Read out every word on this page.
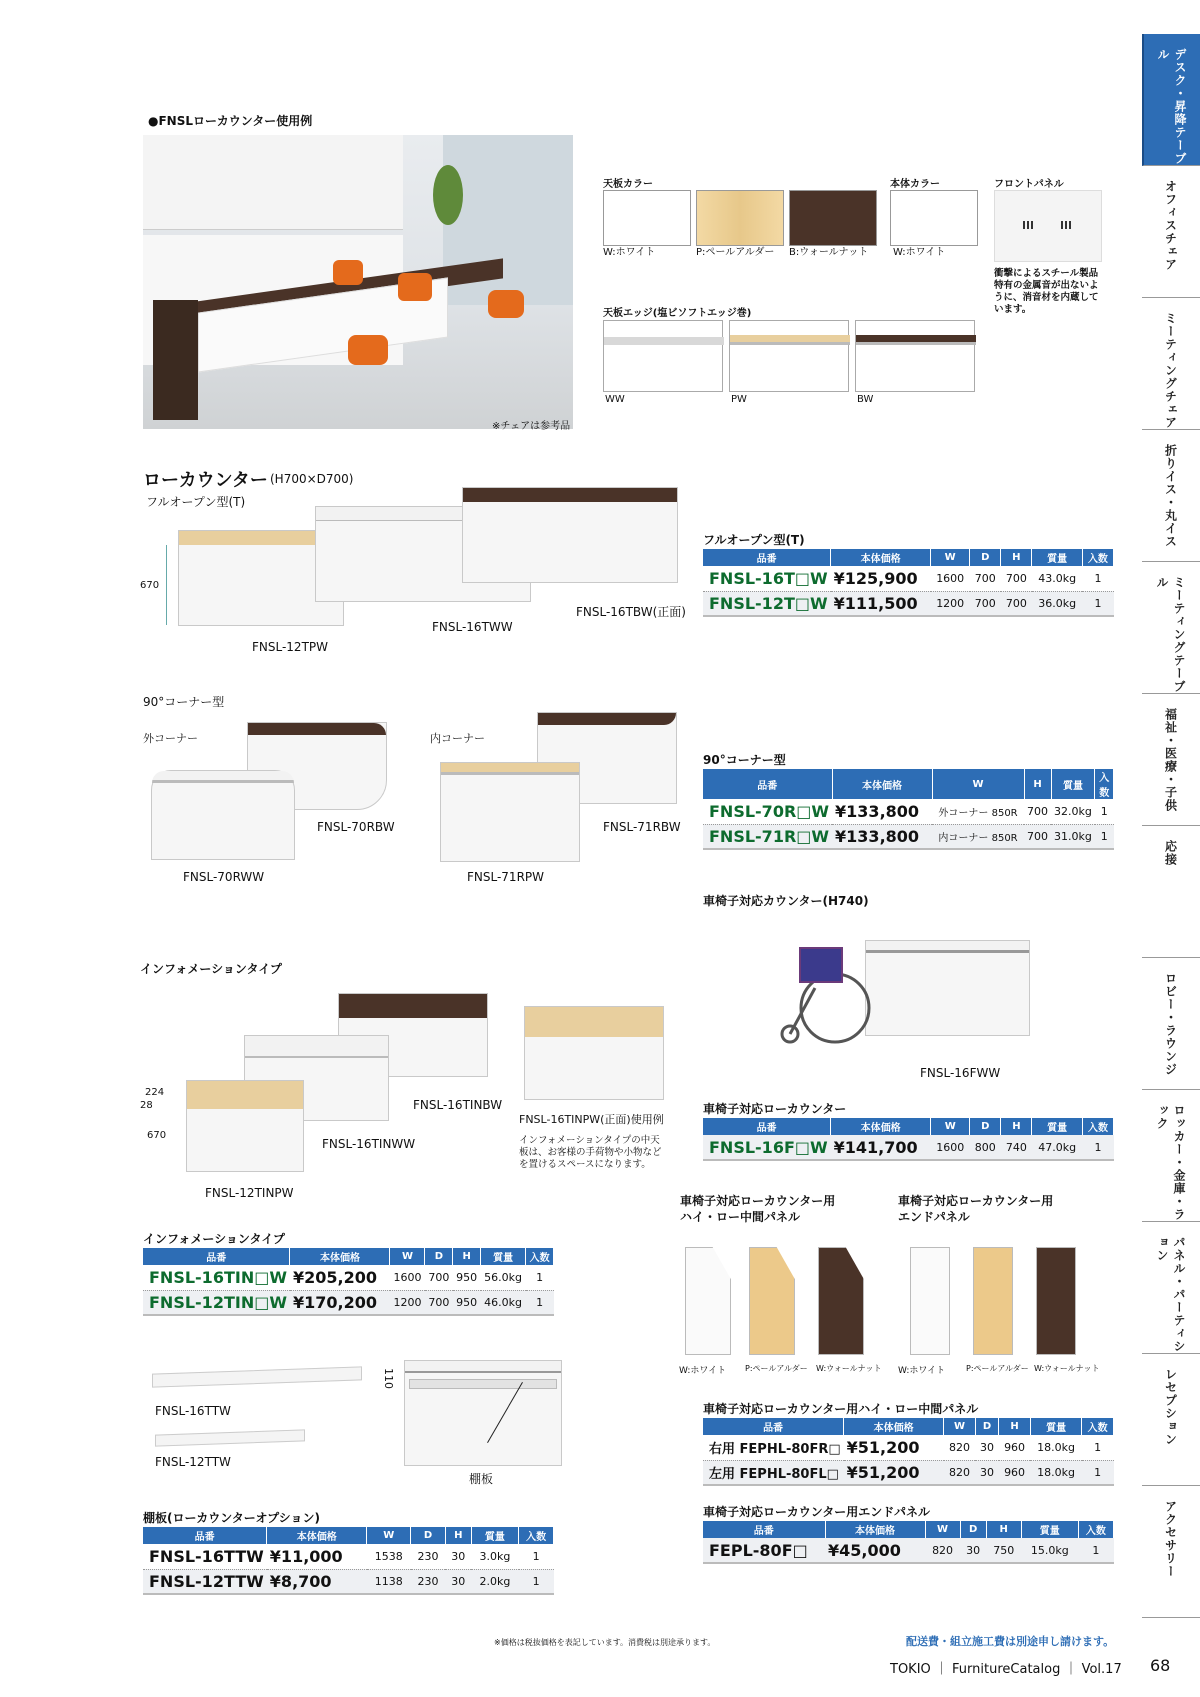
デスク・昇降テーブル
オフィスチェア
ミーティングチェア
折りイス・丸イス
ミーティングテーブル
福祉・医療・子供
応接
ロビー・ラウンジ
ロッカー・金庫・ラック
パネル・パーティション
レセプション
アクセサリー
●FNSLローカウンター使用例
※チェアは参考品
天板カラー
W:ホワイト	P:ペールアルダー B:ウォールナット
本体カラー
W:ホワイト
フロントパネル
衝撃によるスチール製品特有の金属音が出ないように、消音材を内蔵しています。
天板エッジ(塩ビソフトエッジ巻)
WW	PW	BW
ローカウンター (H700×D700)
フルオープン型(T)
670
FNSL-12TPW
FNSL-16TWW
FNSL-16TBW(正面)
フルオープン型(T)
品番	本体価格	W	D	H	質量	入数
FNSL-16T□W	¥125,900	1600	700	700	43.0kg	1
FNSL-12T□W	¥111,500	1200	700	700	36.0kg	1
90°コーナー型
外コーナー	内コーナー
FNSL-70RBW
FNSL-70RWW
FNSL-71RBW
FNSL-71RPW
90°コーナー型
品番	本体価格	W	H	質量	入数
FNSL-70R□W	¥133,800	外コーナー 850R	700	32.0kg	1
FNSL-71R□W	¥133,800	内コーナー 850R	700	31.0kg	1
車椅子対応カウンター(H740)
FNSL-16FWW
車椅子対応ローカウンター
品番	本体価格	W	D	H	質量	入数
FNSL-16F□W	¥141,700	1600	800	740	47.0kg	1
インフォメーションタイプ
224
28
670
FNSL-16TINBW
FNSL-16TINWW
FNSL-12TINPW
FNSL-16TINPW(正面)使用例
インフォメーションタイプの中天板は、お客様の手荷物や小物などを置けるスペースになります。
インフォメーションタイプ
品番	本体価格	W	D	H	質量	入数
FNSL-16TIN□W	¥205,200	1600	700	950	56.0kg	1
FNSL-12TIN□W	¥170,200	1200	700	950	46.0kg	1
車椅子対応ローカウンター用
ハイ・ロー中間パネル
車椅子対応ローカウンター用
エンドパネル
W:ホワイト P:ペールアルダー W:ウォールナット W:ホワイト	P:ペールアルダー W:ウォールナット
FNSL-16TTW
FNSL-12TTW
110
棚板
棚板(ローカウンターオプション)
品番	本体価格	W	D	H	質量	入数
FNSL-16TTW	¥11,000	1538	230	30	3.0kg	1
FNSL-12TTW	¥8,700	1138	230	30	2.0kg	1
車椅子対応ローカウンター用ハイ・ロー中間パネル
品番	本体価格	W	D	H	質量	入数
右用 FEPHL-80FR□	¥51,200	820	30	960	18.0kg	1
左用 FEPHL-80FL□	¥51,200	820	30	960	18.0kg	1
車椅子対応ローカウンター用エンドパネル
品番	本体価格	W	D	H	質量	入数
FEPL-80F□	¥45,000	820	30	750	15.0kg	1
※価格は税抜価格を表記しています。消費税は別途承ります。	配送費・組立施工費は別途申し請けます。
TOKIO ｜ FurnitureCatalog ｜ Vol.17 68
